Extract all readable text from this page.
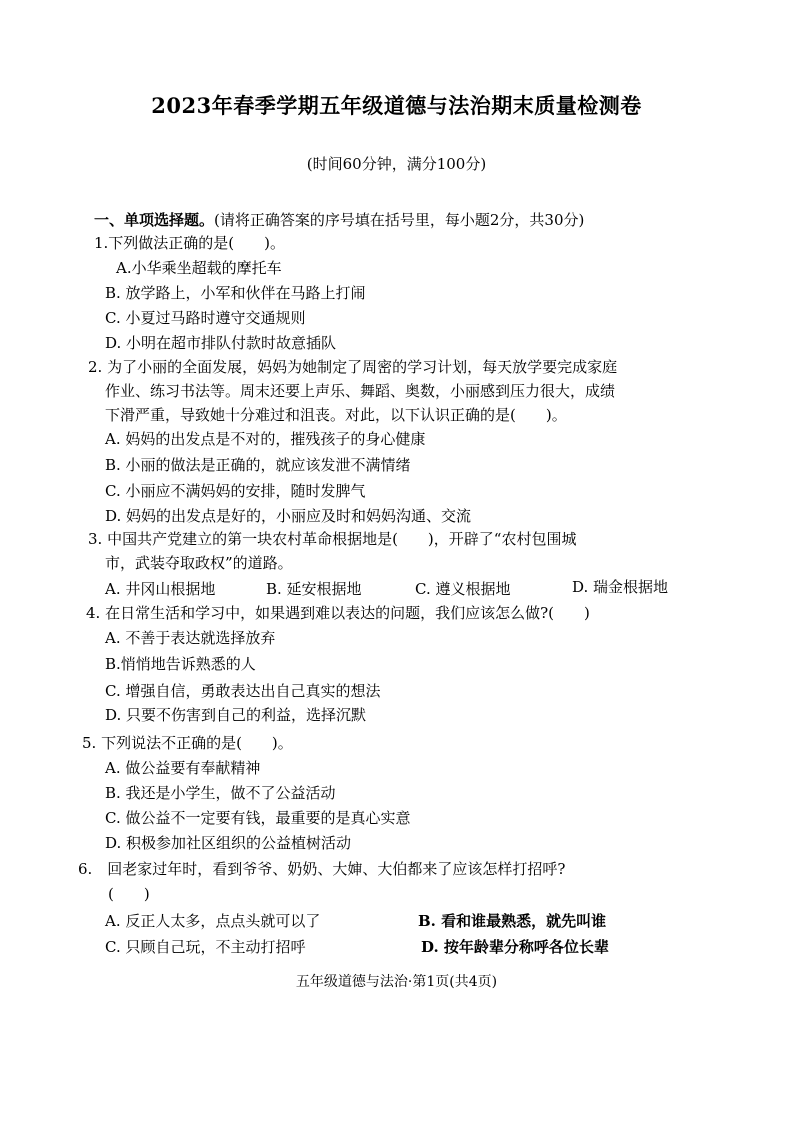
2023年春季学期五年级道德与法治期末质量检测卷
(时间60分钟，满分100分)
一、单项选择题。(请将正确答案的序号填在括号里，每小题2分，共30分)
1.下列做法正确的是(　　)。
A.小华乘坐超载的摩托车
B. 放学路上，小军和伙伴在马路上打闹
C. 小夏过马路时遵守交通规则
D. 小明在超市排队付款时故意插队
2. 为了小丽的全面发展，妈妈为她制定了周密的学习计划，每天放学要完成家庭
作业、练习书法等。周末还要上声乐、舞蹈、奥数，小丽感到压力很大，成绩
下滑严重，导致她十分难过和沮丧。对此，以下认识正确的是(　　)。
A. 妈妈的出发点是不对的，摧残孩子的身心健康
B. 小丽的做法是正确的，就应该发泄不满情绪
C. 小丽应不满妈妈的安排，随时发脾气
D. 妈妈的出发点是好的，小丽应及时和妈妈沟通、交流
3. 中国共产党建立的第一块农村革命根据地是(　　)，开辟了“农村包围城
市，武装夺取政权”的道路。
A. 井冈山根据地	B. 延安根据地	C. 遵义根据地	D. 瑞金根据地
4. 在日常生活和学习中，如果遇到难以表达的问题，我们应该怎么做?(　　)
A. 不善于表达就选择放弃
B.悄悄地告诉熟悉的人
C. 增强自信，勇敢表达出自己真实的想法
D. 只要不伤害到自己的利益，选择沉默
5. 下列说法不正确的是(　　)。
A. 做公益要有奉献精神
B. 我还是小学生，做不了公益活动
C. 做公益不一定要有钱，最重要的是真心实意
D. 积极参加社区组织的公益植树活动
6.　回老家过年时，看到爷爷、奶奶、大婶、大伯都来了应该怎样打招呼?
(　　)
A. 反正人太多，点点头就可以了	B. 看和谁最熟悉，就先叫谁
C. 只顾自己玩，不主动打招呼	D. 按年龄辈分称呼各位长辈
五年级道德与法治·第1页(共4页)
